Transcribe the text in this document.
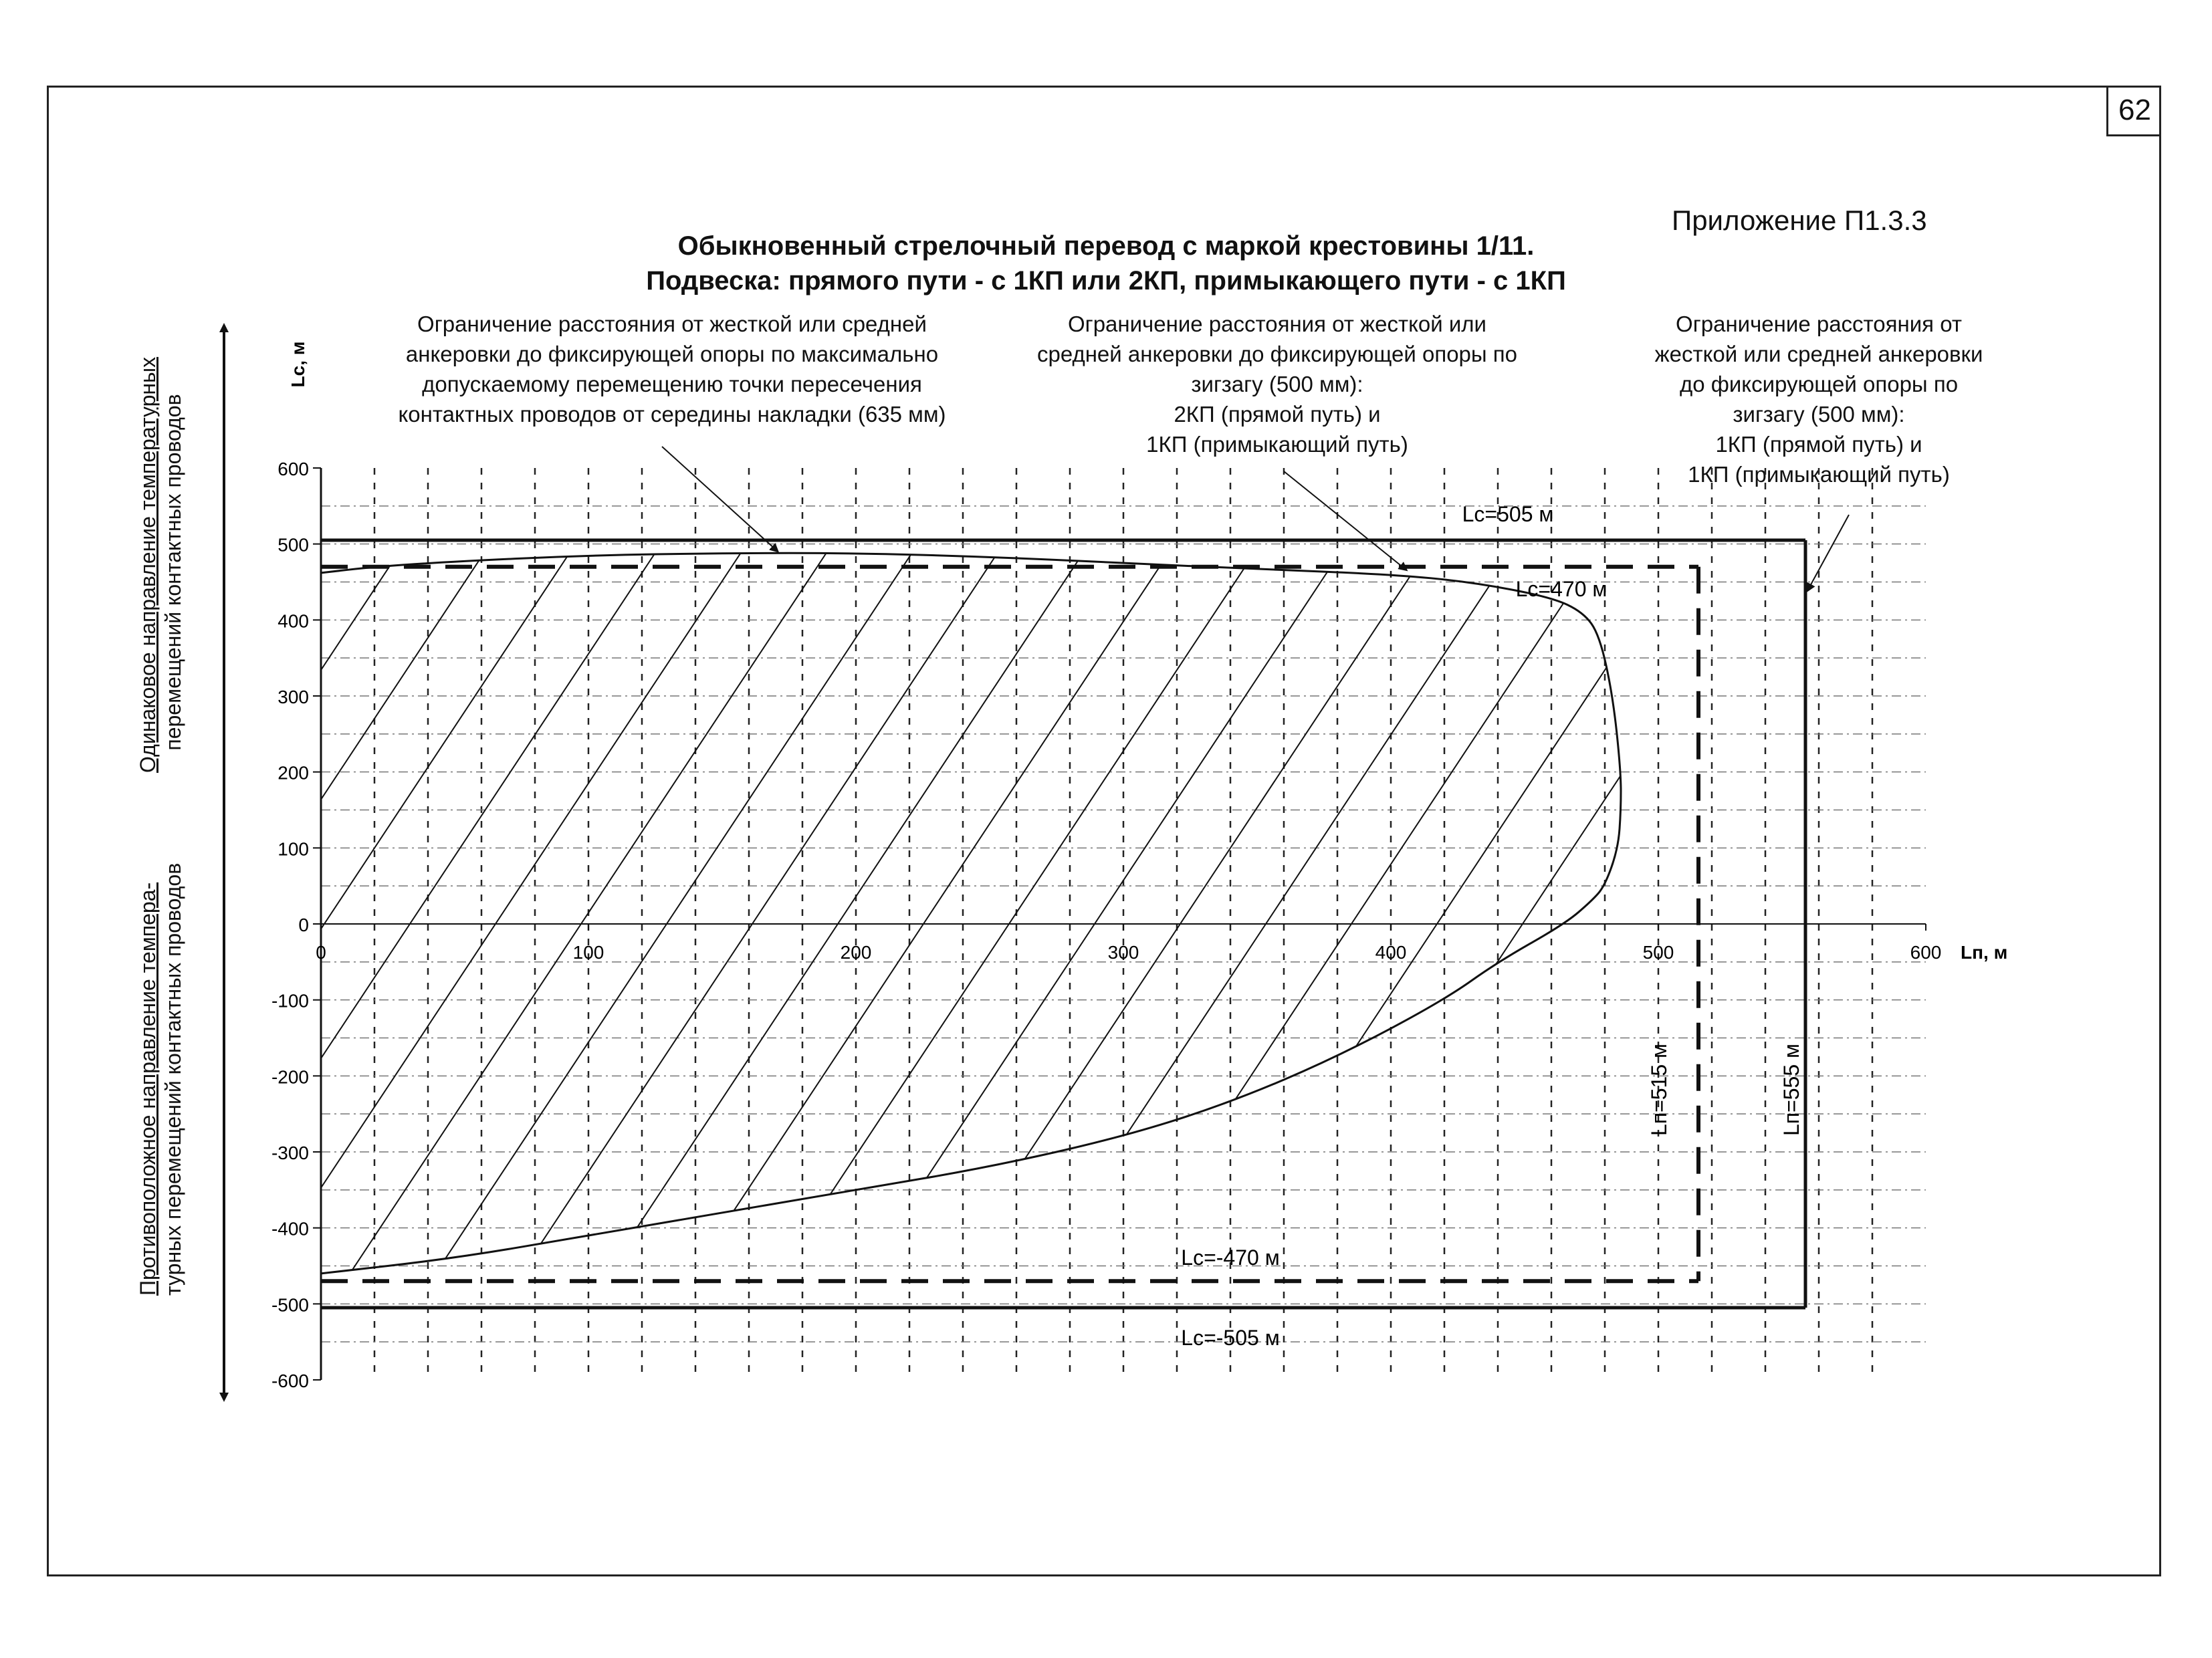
62
Приложение П1.3.3
Обыкновенный стрелочный перевод с маркой крестовины 1/11.
Подвеска: прямого пути - с 1КП или 2КП, примыкающего пути - с 1КП
Ограничение расстояния от жесткой или средней
анкеровки до фиксирующей опоры по максимально
допускаемому перемещению точки пересечения
контактных проводов от середины накладки (635 мм)
Ограничение расстояния от жесткой или
средней анкеровки до фиксирующей опоры по
зигзагу (500 мм):
2КП (прямой путь) и
1КП (примыкающий путь)
Ограничение расстояния от
жесткой или средней анкеровки
до фиксирующей опоры по
зигзагу (500 мм):
1КП (прямой путь) и
1КП (примыкающий путь)
Lc=505 м
Lc=-505 м
Lc=470 м
Lc=-470 м
Lп=515 м	Lп=555 м
600
500
400
300
200
100
0
-100
-200
-300
-400
-500
-600
0	100	200	300	400	500	600 Lп, м
Lс, м
Одинаковое направление температурных перемещений контактных проводов
Противоположное направление темпера- турных перемещений контактных проводов
